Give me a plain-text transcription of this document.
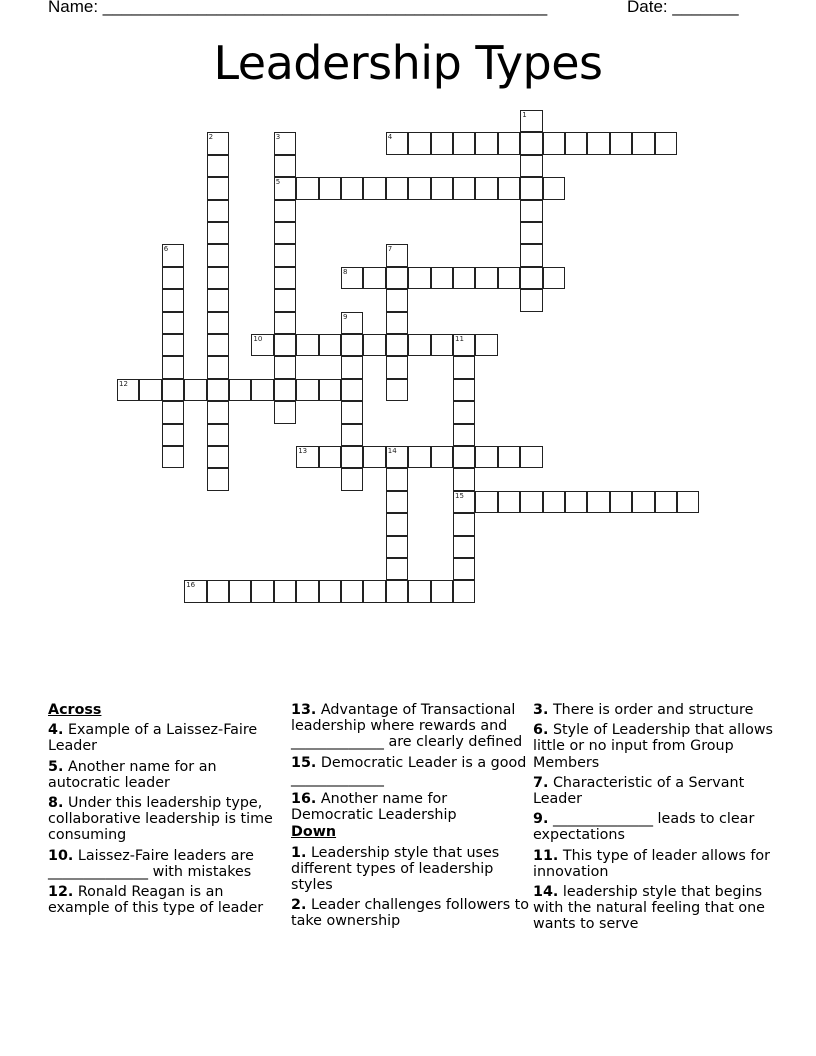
Name: _______________________________________________	Date: _______
Leadership Types
1
2	3
5
4
6	7
8
9
10	11
15
12
13	14
16
Across
4. Example of a Laissez-Faire Leader
5. Another name for an autocratic leader
8. Under this leadership type, collaborative leadership is time consuming
10. Laissez-Faire leaders are ______________ with mistakes
12. Ronald Reagan is an example of this type of leader
13. Advantage of Transactional leadership where rewards and _____________ are clearly defined
15. Democratic Leader is a good _____________
16. Another name for Democratic Leadership
Down
1. Leadership style that uses different types of leadership styles
2. Leader challenges followers to take ownership
3. There is order and structure
6. Style of Leadership that allows little or no input from Group Members
7. Characteristic of a Servant Leader
9. ______________ leads to clear expectations
11. This type of leader allows for innovation
14. leadership style that begins with the natural feeling that one wants to serve
